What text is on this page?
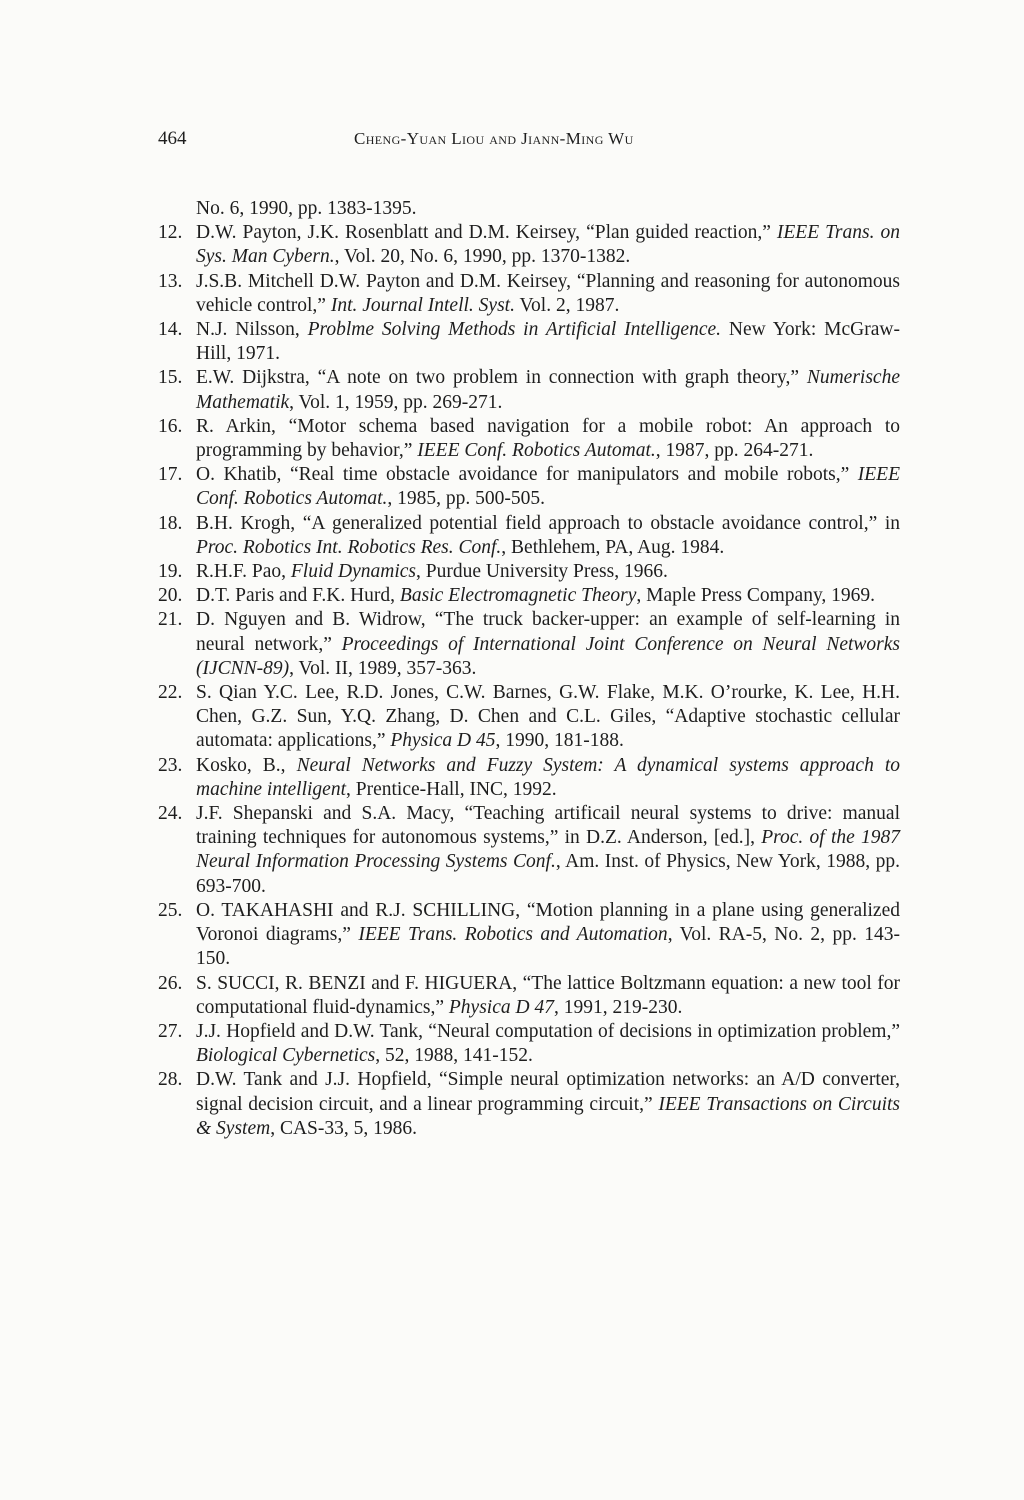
464	Cheng-Yuan Liou and Jiann-Ming Wu
No. 6, 1990, pp. 1383-1395.
12. D.W. Payton, J.K. Rosenblatt and D.M. Keirsey, “Plan guided reaction,” IEEE Trans. on Sys. Man Cybern., Vol. 20, No. 6, 1990, pp. 1370-1382.
13. J.S.B. Mitchell D.W. Payton and D.M. Keirsey, “Planning and reasoning for autonomous vehicle control,” Int. Journal Intell. Syst. Vol. 2, 1987.
14. N.J. Nilsson, Problme Solving Methods in Artificial Intelligence. New York: McGraw-Hill, 1971.
15. E.W. Dijkstra, “A note on two problem in connection with graph theory,” Numerische Mathematik, Vol. 1, 1959, pp. 269-271.
16. R. Arkin, “Motor schema based navigation for a mobile robot: An approach to programming by behavior,” IEEE Conf. Robotics Automat., 1987, pp. 264-271.
17. O. Khatib, “Real time obstacle avoidance for manipulators and mobile robots,” IEEE Conf. Robotics Automat., 1985, pp. 500-505.
18. B.H. Krogh, “A generalized potential field approach to obstacle avoidance control,” in Proc. Robotics Int. Robotics Res. Conf., Bethlehem, PA, Aug. 1984.
19. R.H.F. Pao, Fluid Dynamics, Purdue University Press, 1966.
20. D.T. Paris and F.K. Hurd, Basic Electromagnetic Theory, Maple Press Company, 1969.
21. D. Nguyen and B. Widrow, “The truck backer-upper: an example of self-learning in neural network,” Proceedings of International Joint Conference on Neural Networks (IJCNN-89), Vol. II, 1989, 357-363.
22. S. Qian Y.C. Lee, R.D. Jones, C.W. Barnes, G.W. Flake, M.K. O’rourke, K. Lee, H.H. Chen, G.Z. Sun, Y.Q. Zhang, D. Chen and C.L. Giles, “Adaptive stochastic cellular automata: applications,” Physica D 45, 1990, 181-188.
23. Kosko, B., Neural Networks and Fuzzy System: A dynamical systems approach to machine intelligent, Prentice-Hall, INC, 1992.
24. J.F. Shepanski and S.A. Macy, “Teaching artificail neural systems to drive: manual training techniques for autonomous systems,” in D.Z. Anderson, [ed.], Proc. of the 1987 Neural Information Processing Systems Conf., Am. Inst. of Physics, New York, 1988, pp. 693-700.
25. O. TAKAHASHI and R.J. SCHILLING, “Motion planning in a plane using generalized Voronoi diagrams,” IEEE Trans. Robotics and Automation, Vol. RA-5, No. 2, pp. 143-150.
26. S. SUCCI, R. BENZI and F. HIGUERA, “The lattice Boltzmann equation: a new tool for computational fluid-dynamics,” Physica D 47, 1991, 219-230.
27. J.J. Hopfield and D.W. Tank, “Neural computation of decisions in optimization problem,” Biological Cybernetics, 52, 1988, 141-152.
28. D.W. Tank and J.J. Hopfield, “Simple neural optimization networks: an A/D converter, signal decision circuit, and a linear programming circuit,” IEEE Transactions on Circuits & System, CAS-33, 5, 1986.
